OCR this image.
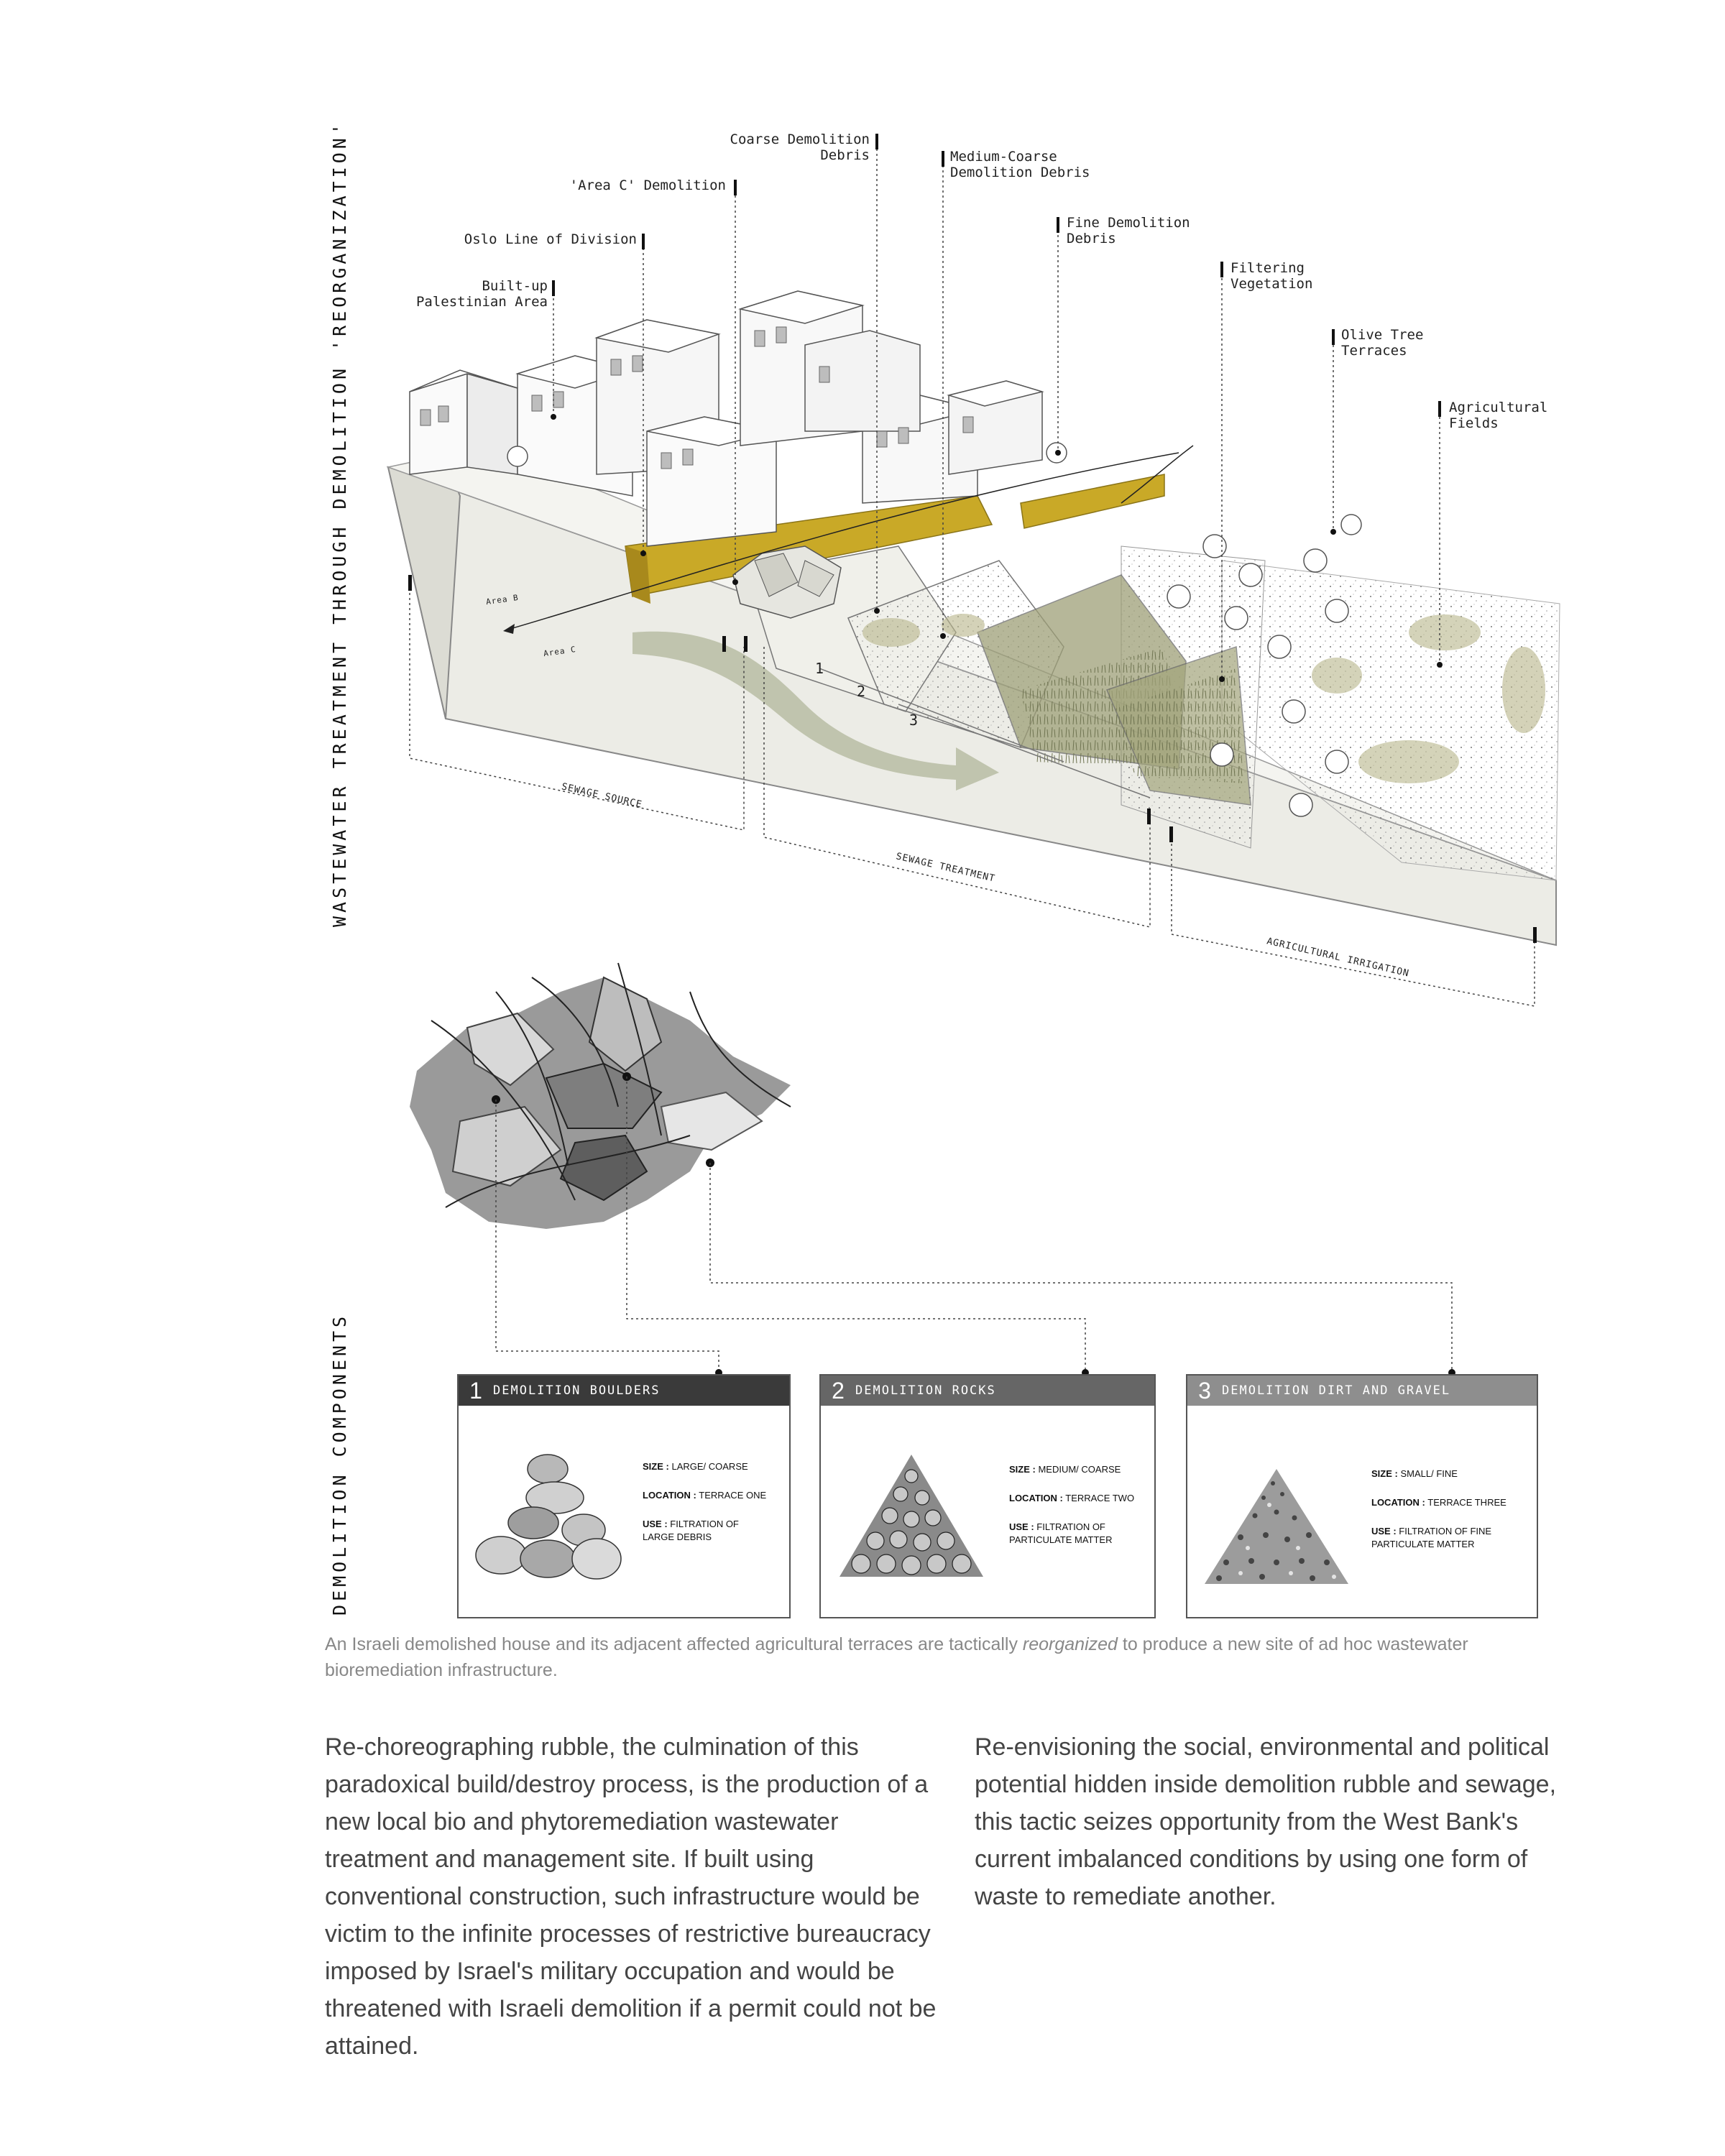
WASTEWATER TREATMENT THROUGH DEMOLITION 'REORGANIZATION'
DEMOLITION COMPONENTS
Coarse Demolition
Debris
'Area C' Demolition
Oslo Line of Division
Built-up
Palestinian Area
Medium-Coarse
Demolition Debris
Fine Demolition
Debris
Filtering
Vegetation
Olive Tree
Terraces
Agricultural
Fields
Area B
Area C
1
2
3
SEWAGE SOURCE
SEWAGE TREATMENT
AGRICULTURAL IRRIGATION
1 DEMOLITION BOULDERS
SIZE : LARGE/ COARSE
LOCATION : TERRACE ONE
USE : FILTRATION OF
LARGE DEBRIS
2 DEMOLITION ROCKS
SIZE : MEDIUM/ COARSE
LOCATION : TERRACE TWO
USE : FILTRATION OF
PARTICULATE MATTER
3 DEMOLITION DIRT AND GRAVEL
SIZE : SMALL/ FINE
LOCATION : TERRACE THREE
USE : FILTRATION OF FINE
PARTICULATE MATTER
An Israeli demolished house and its adjacent affected agricultural terraces are tactically reorganized to produce a new site of ad hoc wastewater bioremediation infrastructure.
Re-choreographing rubble, the culmination of this paradoxical build/destroy process, is the production of a new local bio and phytoremediation wastewater treatment and management site. If built using conventional construction, such infrastructure would be victim to the infinite processes of restrictive bureaucracy imposed by Israel's military occupation and would be threatened with Israeli demolition if a permit could not be attained.
Re-envisioning the social, environmental and political potential hidden inside demolition rubble and sewage, this tactic seizes opportunity from the West Bank's current imbalanced conditions by using one form of waste to remediate another.
